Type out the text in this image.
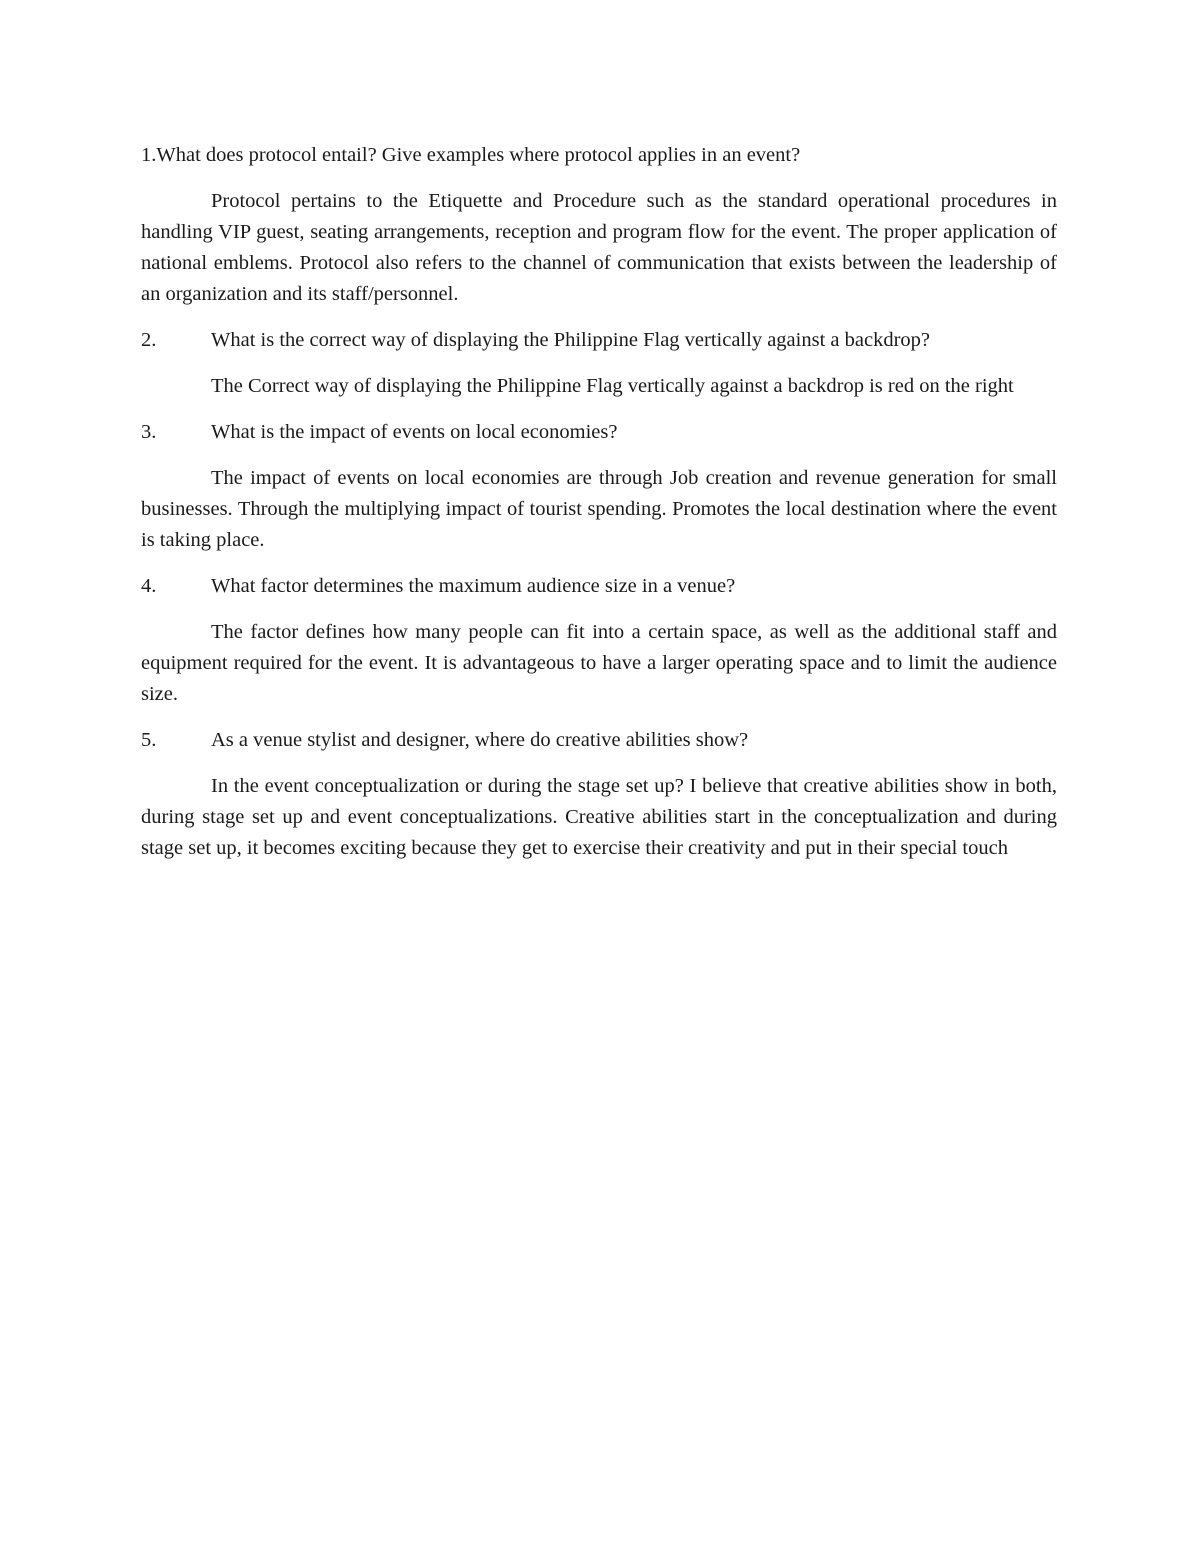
1.What does protocol entail? Give examples where protocol applies in an event?

Protocol pertains to the Etiquette and Procedure such as the standard operational procedures in handling VIP guest, seating arrangements, reception and program flow for the event. The proper application of national emblems. Protocol also refers to the channel of communication that exists between the leadership of an organization and its staff/personnel.

2.	What is the correct way of displaying the Philippine Flag vertically against a backdrop?

The Correct way of displaying the Philippine Flag vertically against a backdrop is red on the right

3.	What is the impact of events on local economies?

The impact of events on local economies are through Job creation and revenue generation for small businesses. Through the multiplying impact of tourist spending. Promotes the local destination where the event is taking place.

4.	What factor determines the maximum audience size in a venue?

The factor defines how many people can fit into a certain space, as well as the additional staff and equipment required for the event. It is advantageous to have a larger operating space and to limit the audience size.

5.	As a venue stylist and designer, where do creative abilities show?

In the event conceptualization or during the stage set up? I believe that creative abilities show in both, during stage set up and event conceptualizations. Creative abilities start in the conceptualization and during stage set up, it becomes exciting because they get to exercise their creativity and put in their special touch
